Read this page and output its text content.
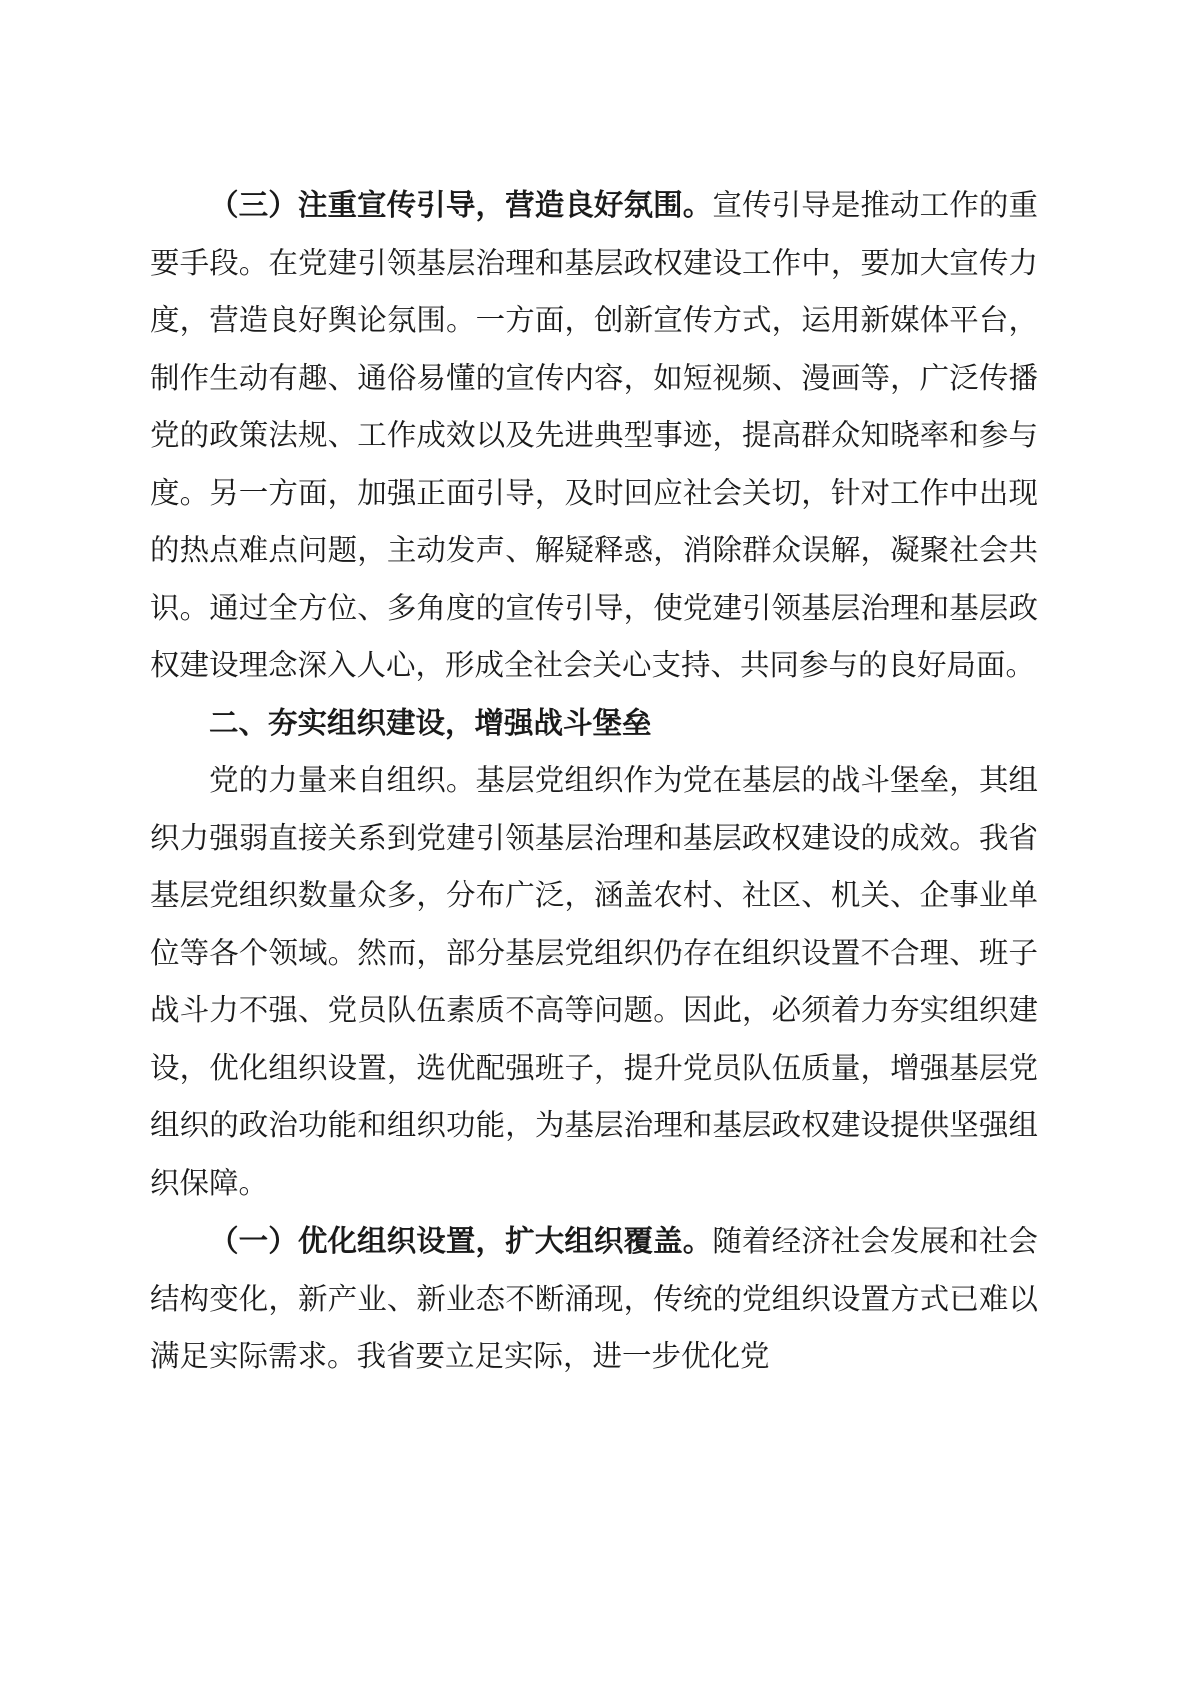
（三）注重宣传引导，营造良好氛围。宣传引导是推动工作的重要手段。在党建引领基层治理和基层政权建设工作中，要加大宣传力度，营造良好舆论氛围。一方面，创新宣传方式，运用新媒体平台，制作生动有趣、通俗易懂的宣传内容，如短视频、漫画等，广泛传播党的政策法规、工作成效以及先进典型事迹，提高群众知晓率和参与度。另一方面，加强正面引导，及时回应社会关切，针对工作中出现的热点难点问题，主动发声、解疑释惑，消除群众误解，凝聚社会共识。通过全方位、多角度的宣传引导，使党建引领基层治理和基层政权建设理念深入人心，形成全社会关心支持、共同参与的良好局面。

二、夯实组织建设，增强战斗堡垒

党的力量来自组织。基层党组织作为党在基层的战斗堡垒，其组织力强弱直接关系到党建引领基层治理和基层政权建设的成效。我省基层党组织数量众多，分布广泛，涵盖农村、社区、机关、企事业单位等各个领域。然而，部分基层党组织仍存在组织设置不合理、班子战斗力不强、党员队伍素质不高等问题。因此，必须着力夯实组织建设，优化组织设置，选优配强班子，提升党员队伍质量，增强基层党组织的政治功能和组织功能，为基层治理和基层政权建设提供坚强组织保障。

（一）优化组织设置，扩大组织覆盖。随着经济社会发展和社会结构变化，新产业、新业态不断涌现，传统的党组织设置方式已难以满足实际需求。我省要立足实际，进一步优化党
